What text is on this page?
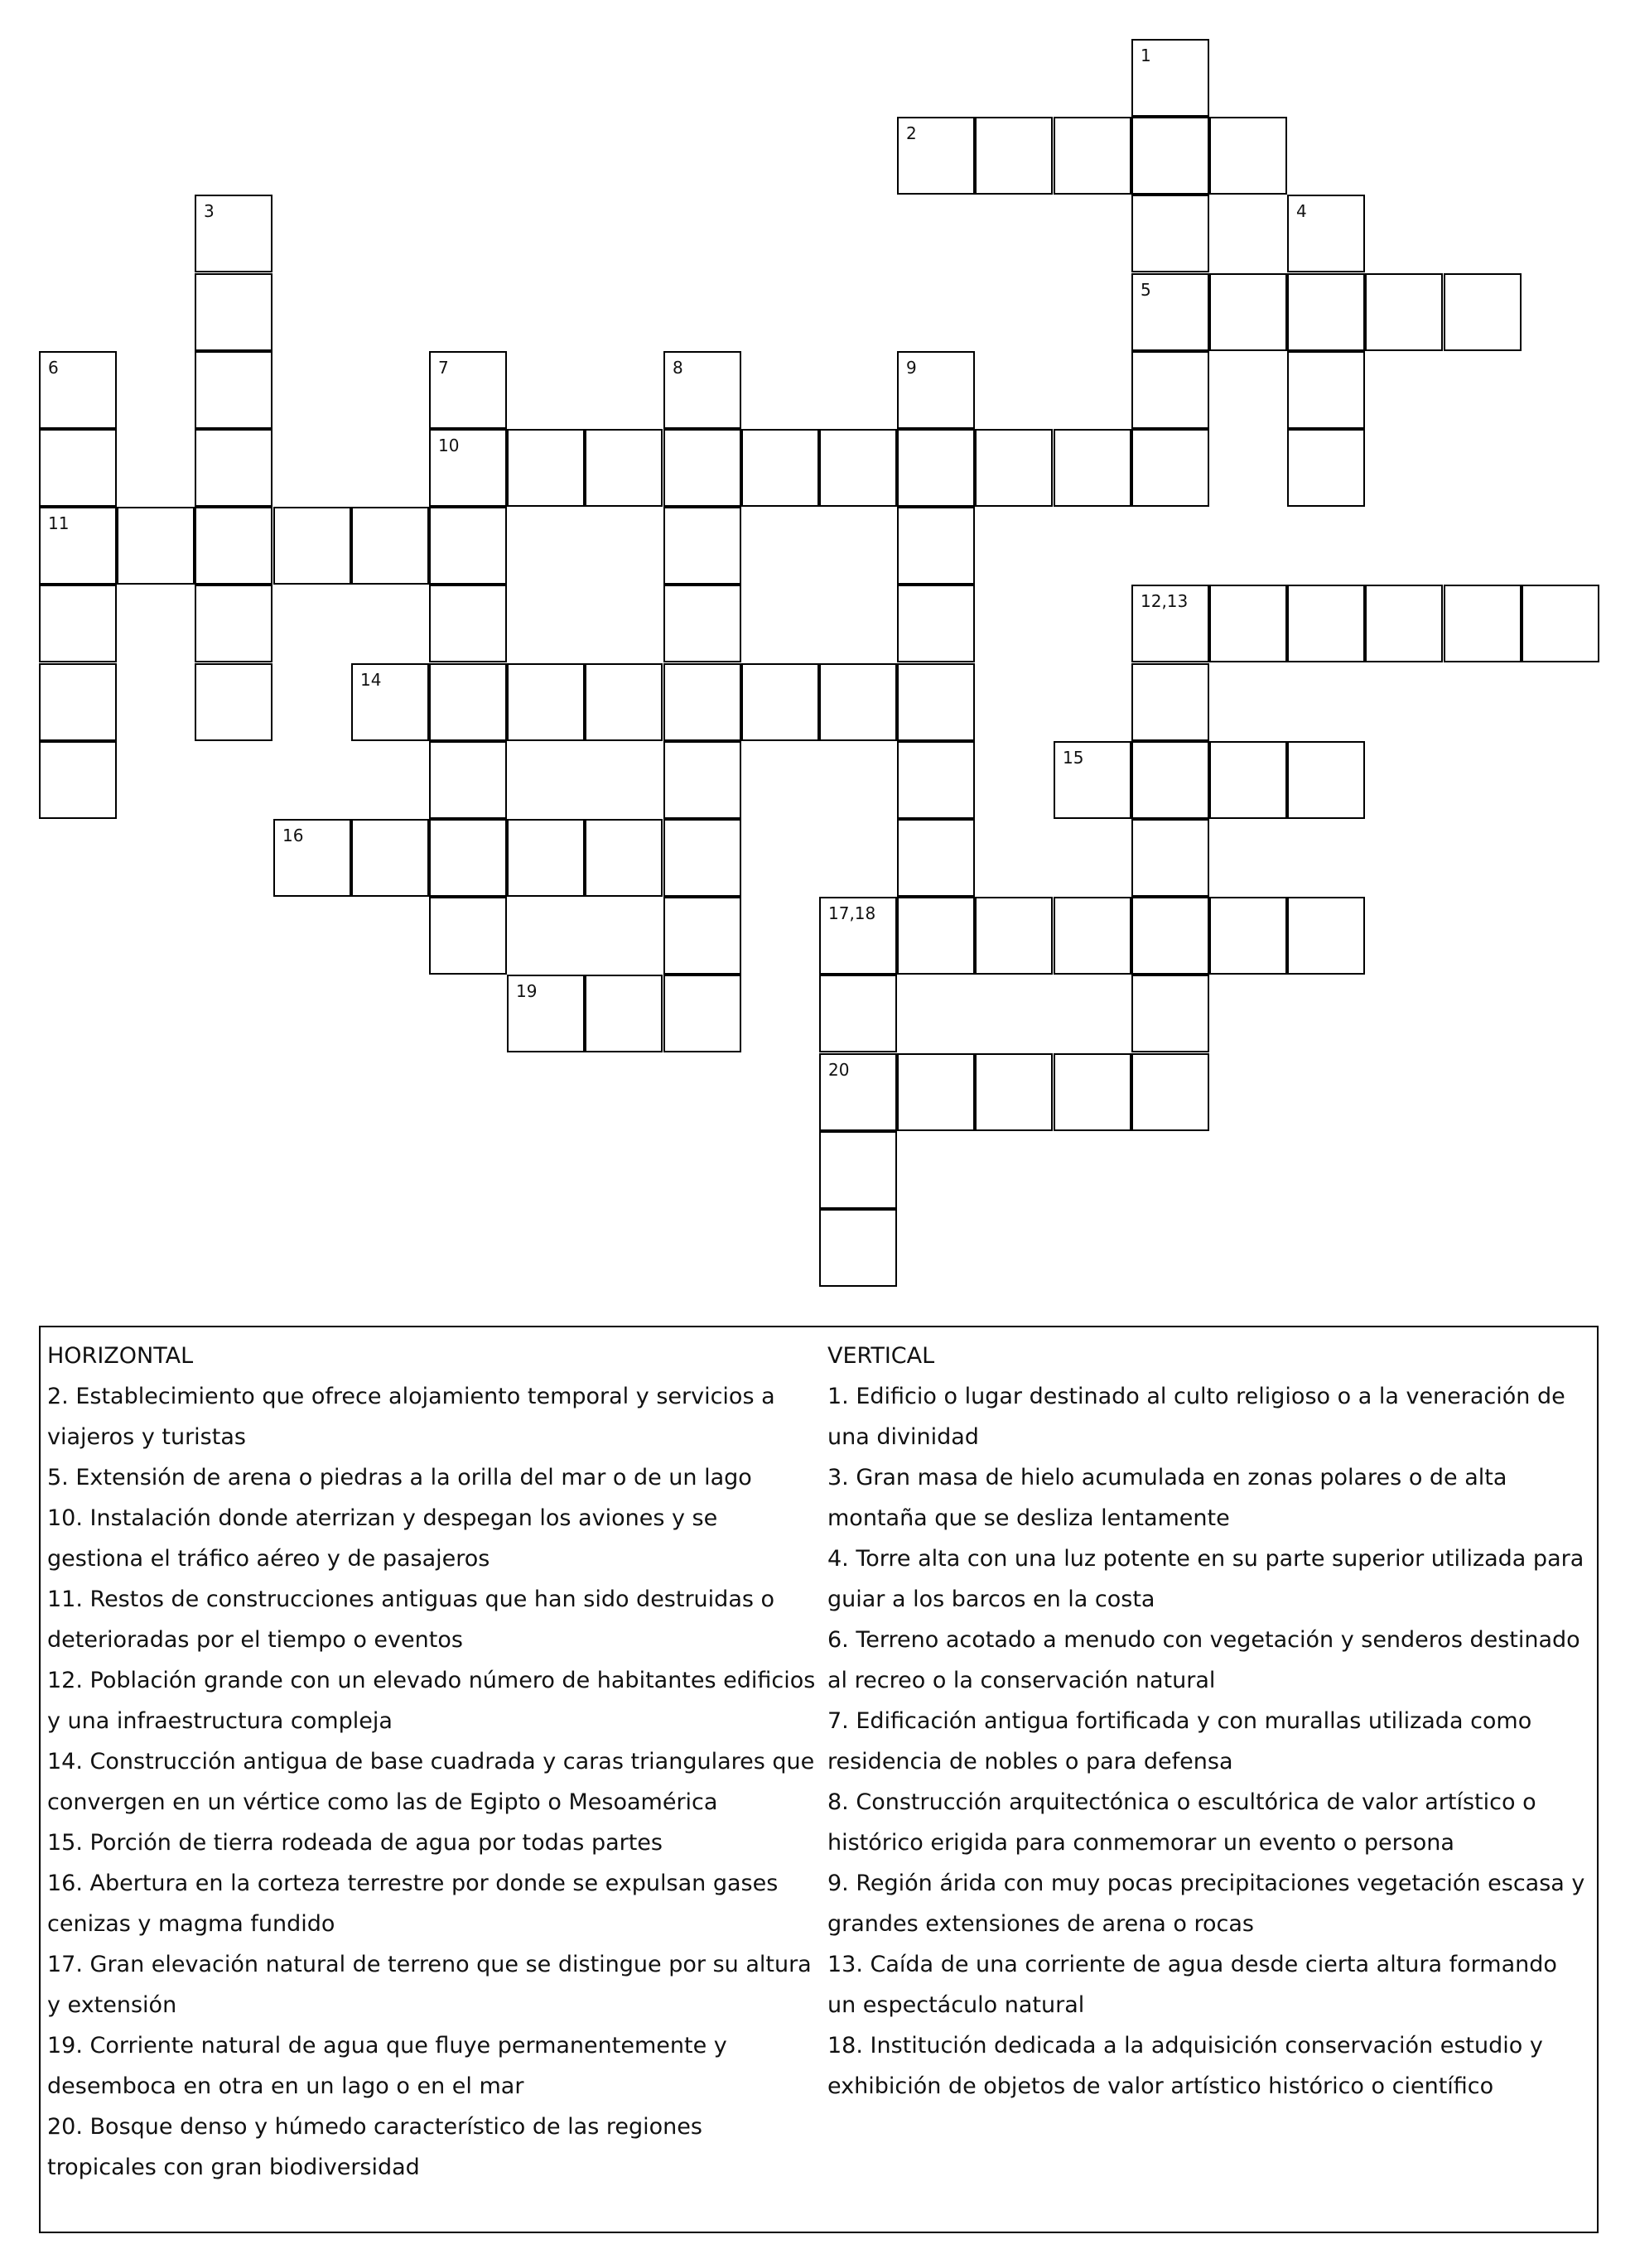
2
5
10
11
12,13
14
15
16
17,18
19
20
1
3	4
6	7	8	9
HORIZONTAL

2. Establecimiento que ofrece alojamiento temporal y servicios a viajeros y turistas

5. Extensión de arena o piedras a la orilla del mar o de un lago

10. Instalación donde aterrizan y despegan los aviones y se gestiona el tráfico aéreo y de pasajeros

11. Restos de construcciones antiguas que han sido destruidas o deterioradas por el tiempo o eventos

12. Población grande con un elevado número de habitantes edificios y una infraestructura compleja

14. Construcción antigua de base cuadrada y caras triangulares que convergen en un vértice como las de Egipto o Mesoamérica

15. Porción de tierra rodeada de agua por todas partes

16. Abertura en la corteza terrestre por donde se expulsan gases cenizas y magma fundido

17. Gran elevación natural de terreno que se distingue por su altura y extensión

19. Corriente natural de agua que fluye permanentemente y desemboca en otra en un lago o en el mar

20. Bosque denso y húmedo característico de las regiones tropicales con gran biodiversidad

VERTICAL

1. Edificio o lugar destinado al culto religioso o a la veneración de una divinidad

3. Gran masa de hielo acumulada en zonas polares o de alta montaña que se desliza lentamente

4. Torre alta con una luz potente en su parte superior utilizada para guiar a los barcos en la costa

6. Terreno acotado a menudo con vegetación y senderos destinado al recreo o la conservación natural

7. Edificación antigua fortificada y con murallas utilizada como residencia de nobles o para defensa

8. Construcción arquitectónica o escultórica de valor artístico o histórico erigida para conmemorar un evento o persona

9. Región árida con muy pocas precipitaciones vegetación escasa y grandes extensiones de arena o rocas

13. Caída de una corriente de agua desde cierta altura formando un espectáculo natural

18. Institución dedicada a la adquisición conservación estudio y exhibición de objetos de valor artístico histórico o científico
